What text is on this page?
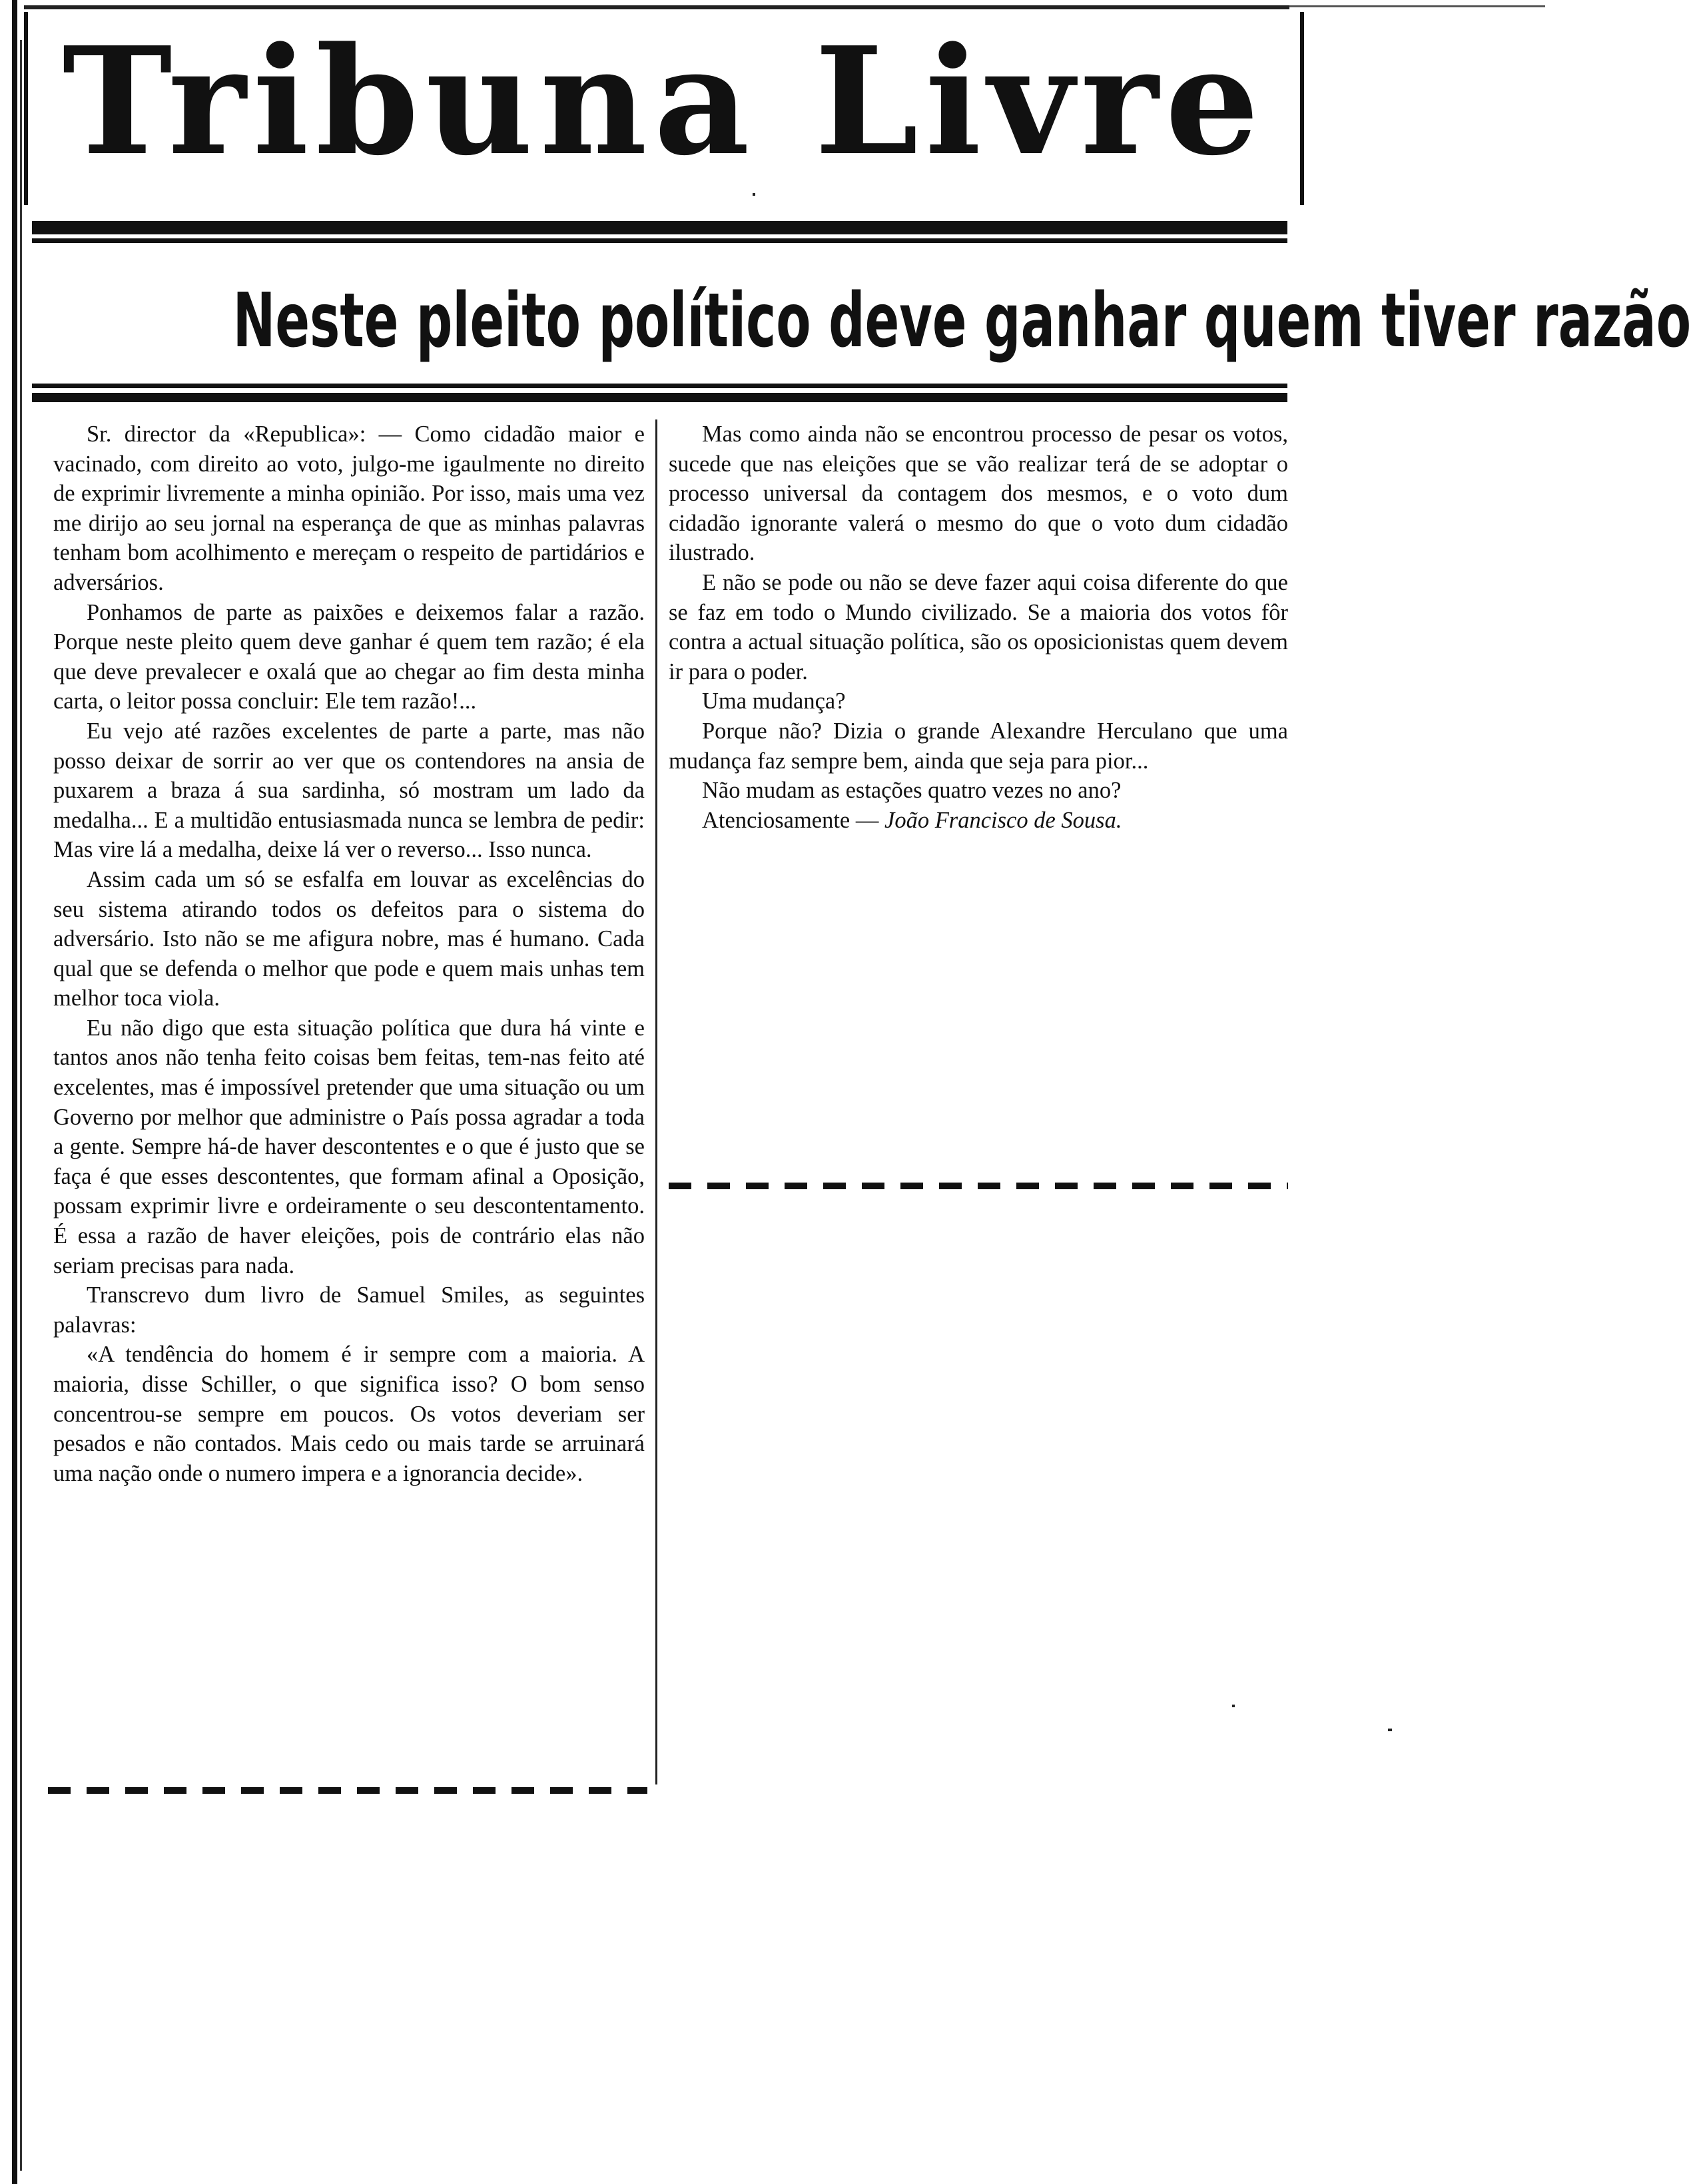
Tribuna Livre
Neste pleito político deve ganhar quem tiver razão

Sr. director da «Republica»: — Como cidadão maior e vacinado, com direito ao voto, julgo-me igaulmente no direito de exprimir livremente a minha opinião. Por isso, mais uma vez me dirijo ao seu jornal na esperança de que as minhas palavras tenham bom acolhimento e mereçam o respeito de partidários e adversários.

Ponhamos de parte as paixões e deixemos falar a razão. Porque neste pleito quem deve ganhar é quem tem razão; é ela que deve prevalecer e oxalá que ao chegar ao fim desta minha carta, o leitor possa concluir: Ele tem razão!...

Eu vejo até razões excelentes de parte a parte, mas não posso deixar de sorrir ao ver que os contendores na ansia de puxarem a braza á sua sardinha, só mostram um lado da medalha... E a multidão entusiasmada nunca se lembra de pedir: Mas vire lá a medalha, deixe lá ver o reverso... Isso nunca.

Assim cada um só se esfalfa em louvar as excelências do seu sistema atirando todos os defeitos para o sistema do adversário. Isto não se me afigura nobre, mas é humano. Cada qual que se defenda o melhor que pode e quem mais unhas tem melhor toca viola.

Eu não digo que esta situação política que dura há vinte e tantos anos não tenha feito coisas bem feitas, tem-nas feito até excelentes, mas é impossível pretender que uma situação ou um Governo por melhor que administre o País possa agradar a toda a gente. Sempre há-de haver descontentes e o que é justo que se faça é que esses descontentes, que formam afinal a Oposição, possam exprimir livre e ordeiramente o seu descontentamento. É essa a razão de haver eleições, pois de contrário elas não seriam precisas para nada.

Transcrevo dum livro de Samuel Smiles, as seguintes palavras:

«A tendência do homem é ir sempre com a maioria. A maioria, disse Schiller, o que significa isso? O bom senso concentrou-se sempre em poucos. Os votos deveriam ser pesados e não contados. Mais cedo ou mais tarde se arruinará uma nação onde o numero impera e a ignorancia decide».

Mas como ainda não se encontrou processo de pesar os votos, sucede que nas eleições que se vão realizar terá de se adoptar o processo universal da contagem dos mesmos, e o voto dum cidadão ignorante valerá o mesmo do que o voto dum cidadão ilustrado.

E não se pode ou não se deve fazer aqui coisa diferente do que se faz em todo o Mundo civilizado. Se a maioria dos votos fôr contra a actual situação política, são os oposicionistas quem devem ir para o poder.

Uma mudança?

Porque não? Dizia o grande Alexandre Herculano que uma mudança faz sempre bem, ainda que seja para pior...

Não mudam as estações quatro vezes no ano?

Atenciosamente — João Francisco de Sousa.
